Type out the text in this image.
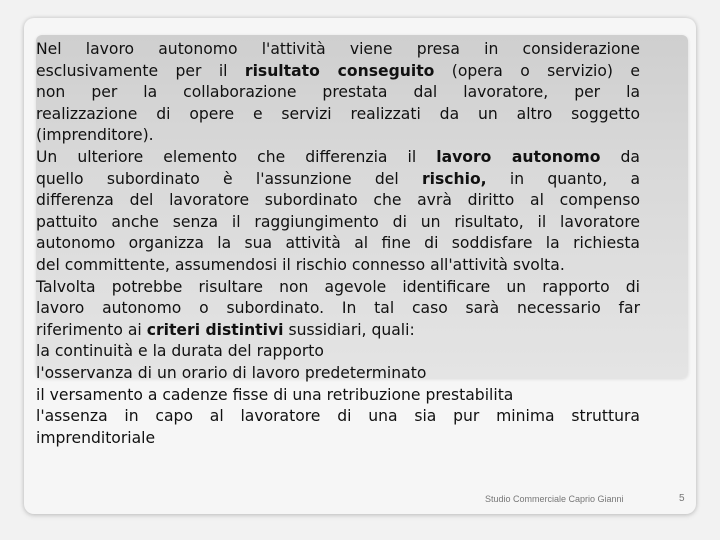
Nel lavoro autonomo l'attività viene presa in considerazione
esclusivamente per il risultato conseguito (opera o servizio) e
non per la collaborazione prestata dal lavoratore, per la
realizzazione di opere e servizi realizzati da un altro soggetto
(imprenditore).

Un ulteriore elemento che differenzia il lavoro autonomo da
quello subordinato è l'assunzione del rischio, in quanto, a
differenza del lavoratore subordinato che avrà diritto al compenso
pattuito anche senza il raggiungimento di un risultato, il lavoratore
autonomo organizza la sua attività al fine di soddisfare la richiesta
del committente, assumendosi il rischio connesso all'attività svolta.

Talvolta potrebbe risultare non agevole identificare un rapporto di
lavoro autonomo o subordinato. In tal caso sarà necessario far
riferimento ai criteri distintivi sussidiari, quali:

la continuità e la durata del rapporto

l'osservanza di un orario di lavoro predeterminato

il versamento a cadenze fisse di una retribuzione prestabilita

l'assenza in capo al lavoratore di una sia pur minima struttura
imprenditoriale

Studio Commerciale Caprio Gianni	5
